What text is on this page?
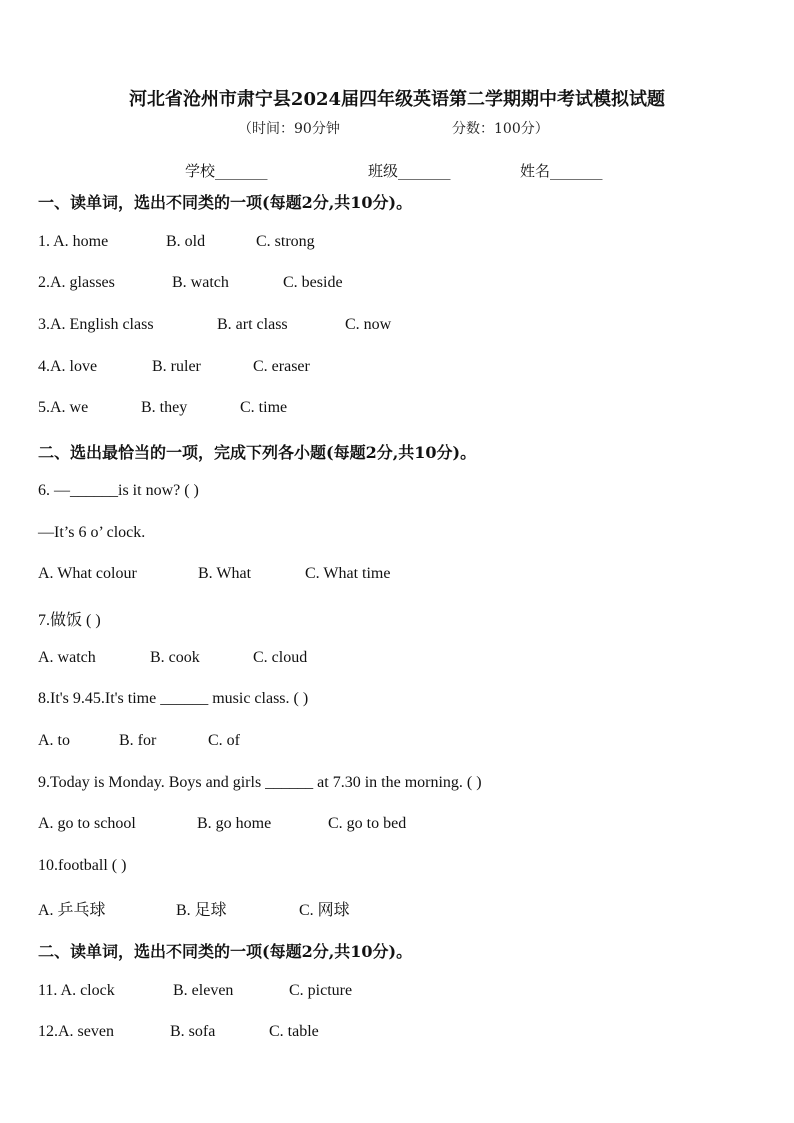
河北省沧州市肃宁县2024届四年级英语第二学期期中考试模拟试题
（时间：90分钟	分数：100分）
学校_______	班级_______	姓名_______
一、读单词，选出不同类的一项(每题2分,共10分)。
1. A. home	B. old	C. strong
2.A. glasses	B. watch	C. beside
3.A. English class	B. art class	C. now
4.A. love	B. ruler	C. eraser
5.A. we	B. they	C. time
二、选出最恰当的一项，完成下列各小题(每题2分,共10分)。
6. —______is it now? ( )
—It’s 6 o’ clock.
A. What colour	B. What	C. What time
7.做饭 ( )
A. watch	B. cook	C. cloud
8.It's 9.45.It's time ______ music class. ( )
A. to	B. for	C. of
9.Today is Monday. Boys and girls ______ at 7.30 in the morning. ( )
A. go to school	B. go home	C. go to bed
10.football ( )
A. 乒乓球	B. 足球	C. 网球
二、读单词，选出不同类的一项(每题2分,共10分)。
11. A. clock	B. eleven	C. picture
12.A. seven	B. sofa	C. table
